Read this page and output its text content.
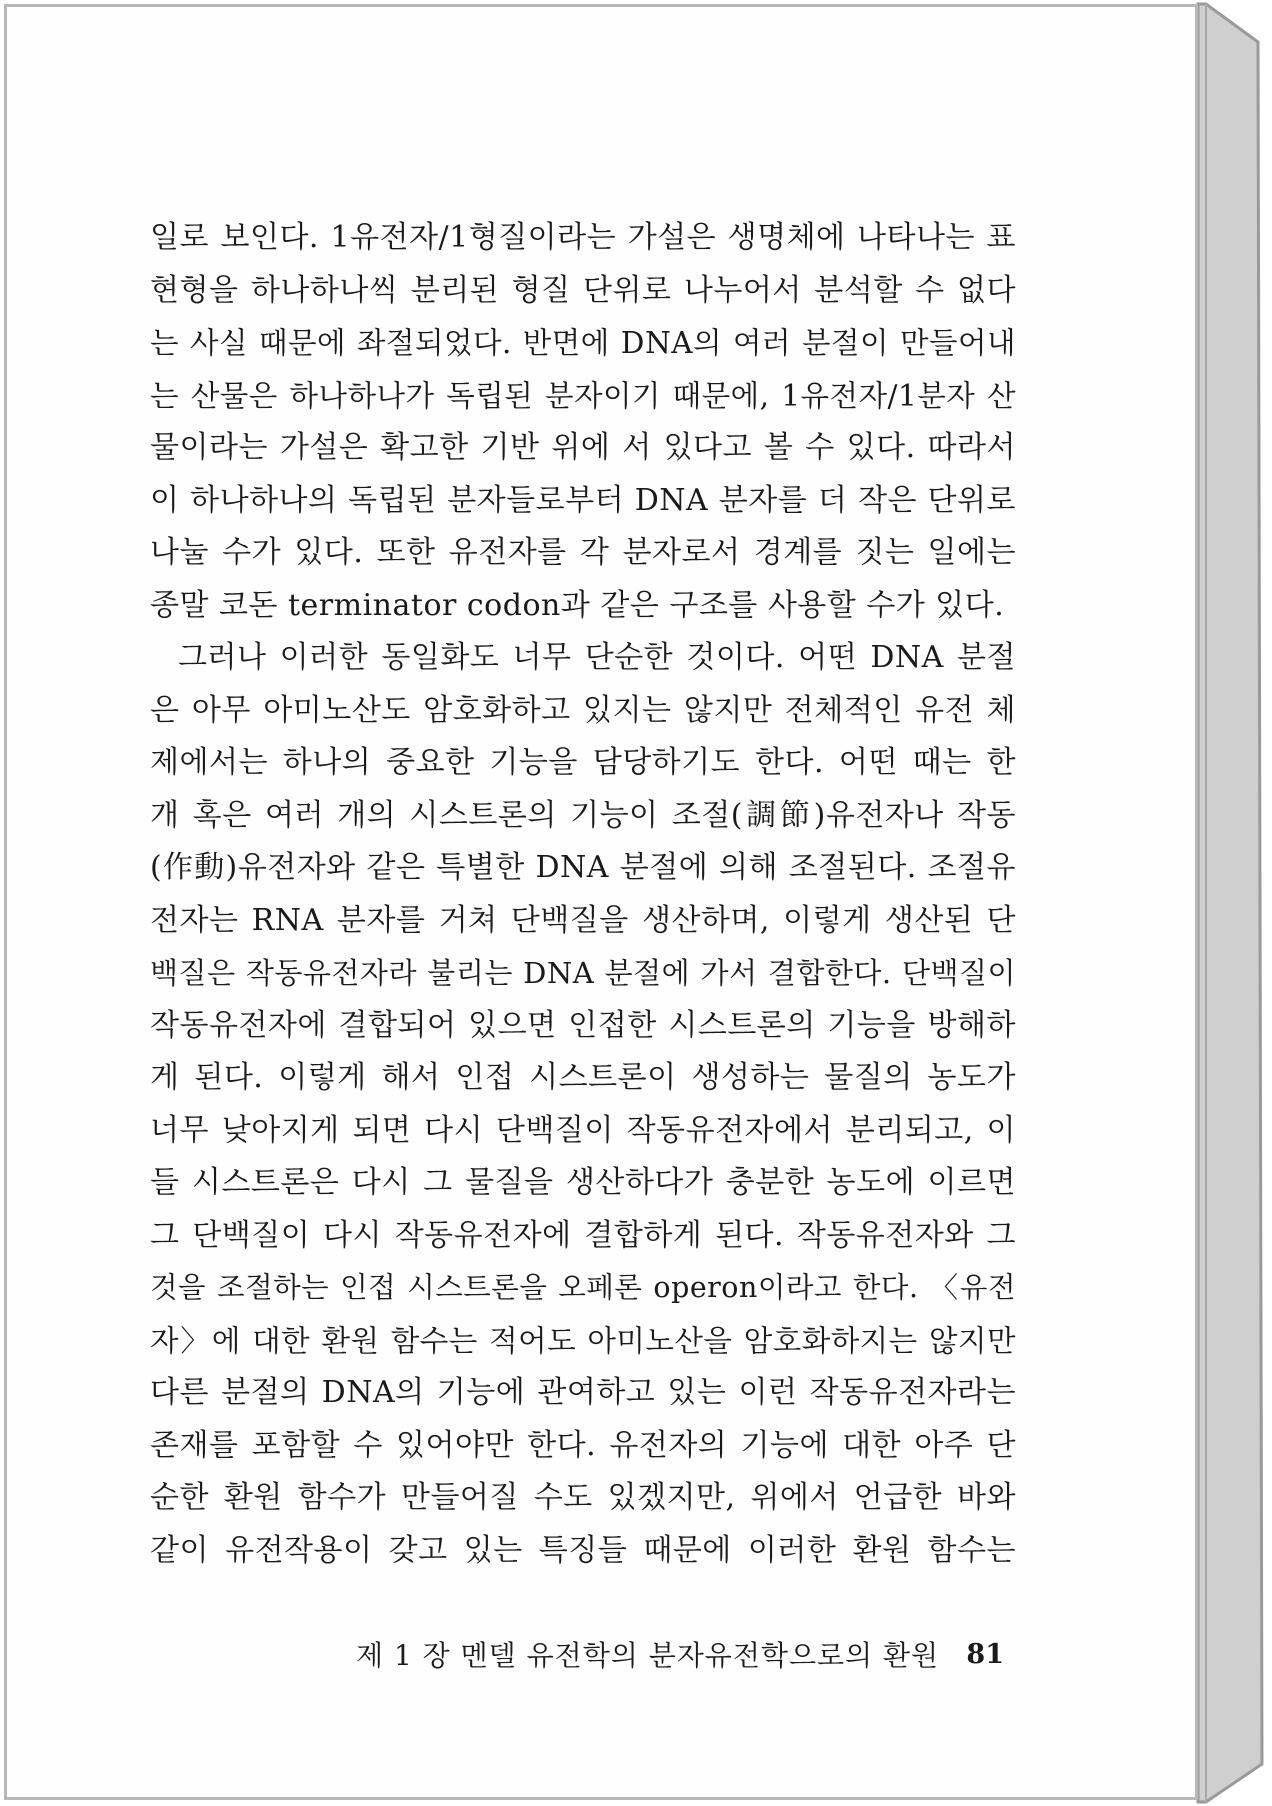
일로 보인다. 1유전자/1형질이라는 가설은 생명체에 나타나는 표
현형을 하나하나씩 분리된 형질 단위로 나누어서 분석할 수 없다
는 사실 때문에 좌절되었다. 반면에 DNA의 여러 분절이 만들어내
는 산물은 하나하나가 독립된 분자이기 때문에, 1유전자/1분자 산
물이라는 가설은 확고한 기반 위에 서 있다고 볼 수 있다. 따라서
이 하나하나의 독립된 분자들로부터 DNA 분자를 더 작은 단위로
나눌 수가 있다. 또한 유전자를 각 분자로서 경계를 짓는 일에는
종말 코돈 terminator codon과 같은 구조를 사용할 수가 있다.
그러나 이러한 동일화도 너무 단순한 것이다. 어떤 DNA 분절
은 아무 아미노산도 암호화하고 있지는 않지만 전체적인 유전 체
제에서는 하나의 중요한 기능을 담당하기도 한다. 어떤 때는 한
개 혹은 여러 개의 시스트론의 기능이 조절(調節)유전자나 작동
(作動)유전자와 같은 특별한 DNA 분절에 의해 조절된다. 조절유
전자는 RNA 분자를 거쳐 단백질을 생산하며, 이렇게 생산된 단
백질은 작동유전자라 불리는 DNA 분절에 가서 결합한다. 단백질이
작동유전자에 결합되어 있으면 인접한 시스트론의 기능을 방해하
게 된다. 이렇게 해서 인접 시스트론이 생성하는 물질의 농도가
너무 낮아지게 되면 다시 단백질이 작동유전자에서 분리되고, 이
들 시스트론은 다시 그 물질을 생산하다가 충분한 농도에 이르면
그 단백질이 다시 작동유전자에 결합하게 된다. 작동유전자와 그
것을 조절하는 인접 시스트론을 오페론 operon이라고 한다. 〈유전
자〉에 대한 환원 함수는 적어도 아미노산을 암호화하지는 않지만
다른 분절의 DNA의 기능에 관여하고 있는 이런 작동유전자라는
존재를 포함할 수 있어야만 한다. 유전자의 기능에 대한 아주 단
순한 환원 함수가 만들어질 수도 있겠지만, 위에서 언급한 바와
같이 유전작용이 갖고 있는 특징들 때문에 이러한 환원 함수는
제 1 장 멘델 유전학의 분자유전학으로의 환원 81
